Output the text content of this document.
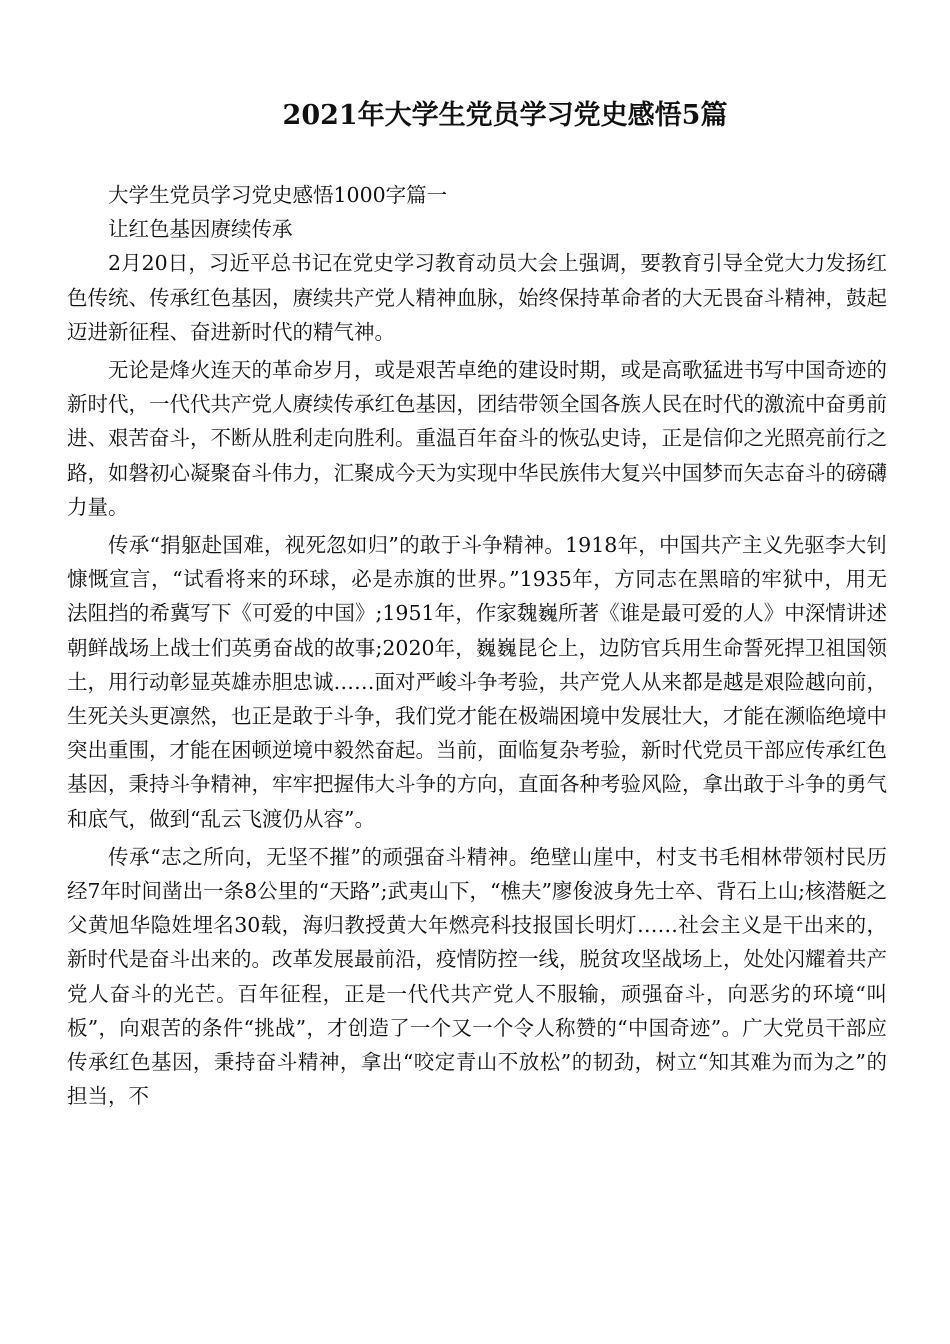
2021年大学生党员学习党史感悟5篇

大学生党员学习党史感悟1000字篇一

让红色基因赓续传承

2月20日，习近平总书记在党史学习教育动员大会上强调，要教育引导全党大力发扬红色传统、传承红色基因，赓续共产党人精神血脉，始终保持革命者的大无畏奋斗精神，鼓起迈进新征程、奋进新时代的精气神。

无论是烽火连天的革命岁月，或是艰苦卓绝的建设时期，或是高歌猛进书写中国奇迹的新时代，一代代共产党人赓续传承红色基因，团结带领全国各族人民在时代的激流中奋勇前进、艰苦奋斗，不断从胜利走向胜利。重温百年奋斗的恢弘史诗，正是信仰之光照亮前行之路，如磐初心凝聚奋斗伟力，汇聚成今天为实现中华民族伟大复兴中国梦而矢志奋斗的磅礴力量。

传承“捐躯赴国难，视死忽如归”的敢于斗争精神。1918年，中国共产主义先驱李大钊慷慨宣言，“试看将来的环球，必是赤旗的世界。”1935年，方同志在黑暗的牢狱中，用无法阻挡的希冀写下《可爱的中国》;1951年，作家魏巍所著《谁是最可爱的人》中深情讲述朝鲜战场上战士们英勇奋战的故事;2020年，巍巍昆仑上，边防官兵用生命誓死捍卫祖国领土，用行动彰显英雄赤胆忠诚……面对严峻斗争考验，共产党人从来都是越是艰险越向前，生死关头更凛然，也正是敢于斗争，我们党才能在极端困境中发展壮大，才能在濒临绝境中突出重围，才能在困顿逆境中毅然奋起。当前，面临复杂考验，新时代党员干部应传承红色基因，秉持斗争精神，牢牢把握伟大斗争的方向，直面各种考验风险，拿出敢于斗争的勇气和底气，做到“乱云飞渡仍从容”。

传承“志之所向，无坚不摧”的顽强奋斗精神。绝壁山崖中，村支书毛相林带领村民历经7年时间凿出一条8公里的“天路”;武夷山下，“樵夫”廖俊波身先士卒、背石上山;核潜艇之父黄旭华隐姓埋名30载，海归教授黄大年燃亮科技报国长明灯……社会主义是干出来的，新时代是奋斗出来的。改革发展最前沿，疫情防控一线，脱贫攻坚战场上，处处闪耀着共产党人奋斗的光芒。百年征程，正是一代代共产党人不服输，顽强奋斗，向恶劣的环境“叫板”，向艰苦的条件“挑战”，才创造了一个又一个令人称赞的“中国奇迹”。广大党员干部应传承红色基因，秉持奋斗精神，拿出“咬定青山不放松”的韧劲，树立“知其难为而为之”的担当，不
